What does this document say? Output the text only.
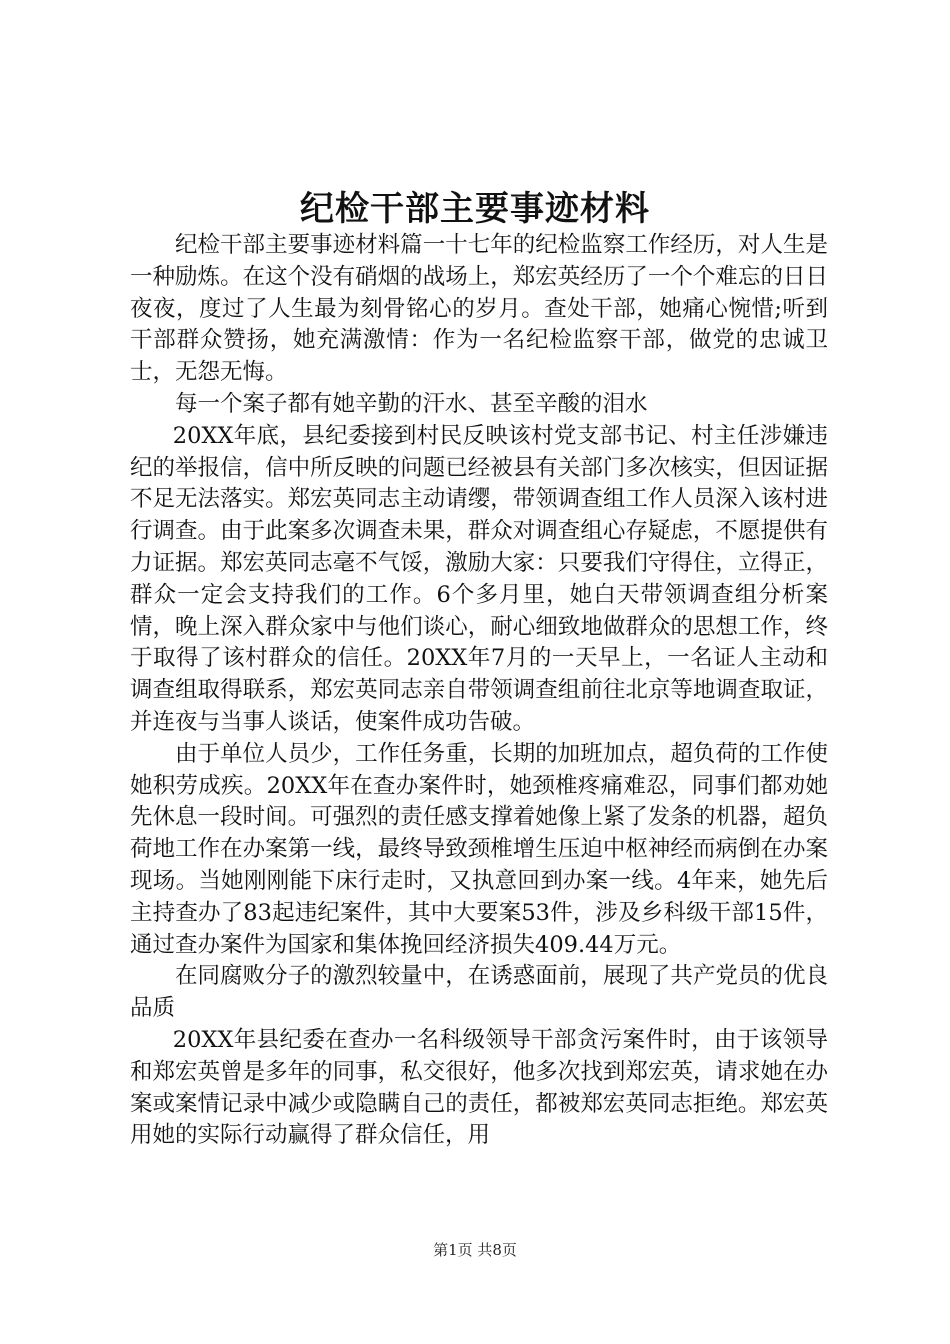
纪检干部主要事迹材料

纪检干部主要事迹材料篇一十七年的纪检监察工作经历，对人生是一种励炼。在这个没有硝烟的战场上，郑宏英经历了一个个难忘的日日夜夜，度过了人生最为刻骨铭心的岁月。查处干部，她痛心惋惜;听到干部群众赞扬，她充满激情：作为一名纪检监察干部，做党的忠诚卫士，无怨无悔。

每一个案子都有她辛勤的汗水、甚至辛酸的泪水

20XX年底，县纪委接到村民反映该村党支部书记、村主任涉嫌违纪的举报信，信中所反映的问题已经被县有关部门多次核实，但因证据不足无法落实。郑宏英同志主动请缨，带领调查组工作人员深入该村进行调查。由于此案多次调查未果，群众对调查组心存疑虑，不愿提供有力证据。郑宏英同志毫不气馁，激励大家：只要我们守得住，立得正，群众一定会支持我们的工作。6个多月里，她白天带领调查组分析案情，晚上深入群众家中与他们谈心，耐心细致地做群众的思想工作，终于取得了该村群众的信任。20XX年7月的一天早上，一名证人主动和调查组取得联系，郑宏英同志亲自带领调查组前往北京等地调查取证，并连夜与当事人谈话，使案件成功告破。

由于单位人员少，工作任务重，长期的加班加点，超负荷的工作使她积劳成疾。20XX年在查办案件时，她颈椎疼痛难忍，同事们都劝她先休息一段时间。可强烈的责任感支撑着她像上紧了发条的机器，超负荷地工作在办案第一线，最终导致颈椎增生压迫中枢神经而病倒在办案现场。当她刚刚能下床行走时，又执意回到办案一线。4年来，她先后主持查办了83起违纪案件，其中大要案53件，涉及乡科级干部15件，通过查办案件为国家和集体挽回经济损失409.44万元。

在同腐败分子的激烈较量中，在诱惑面前，展现了共产党员的优良品质

20XX年县纪委在查办一名科级领导干部贪污案件时，由于该领导和郑宏英曾是多年的同事，私交很好，他多次找到郑宏英，请求她在办案或案情记录中减少或隐瞒自己的责任，都被郑宏英同志拒绝。郑宏英用她的实际行动赢得了群众信任，用

第1页 共8页
